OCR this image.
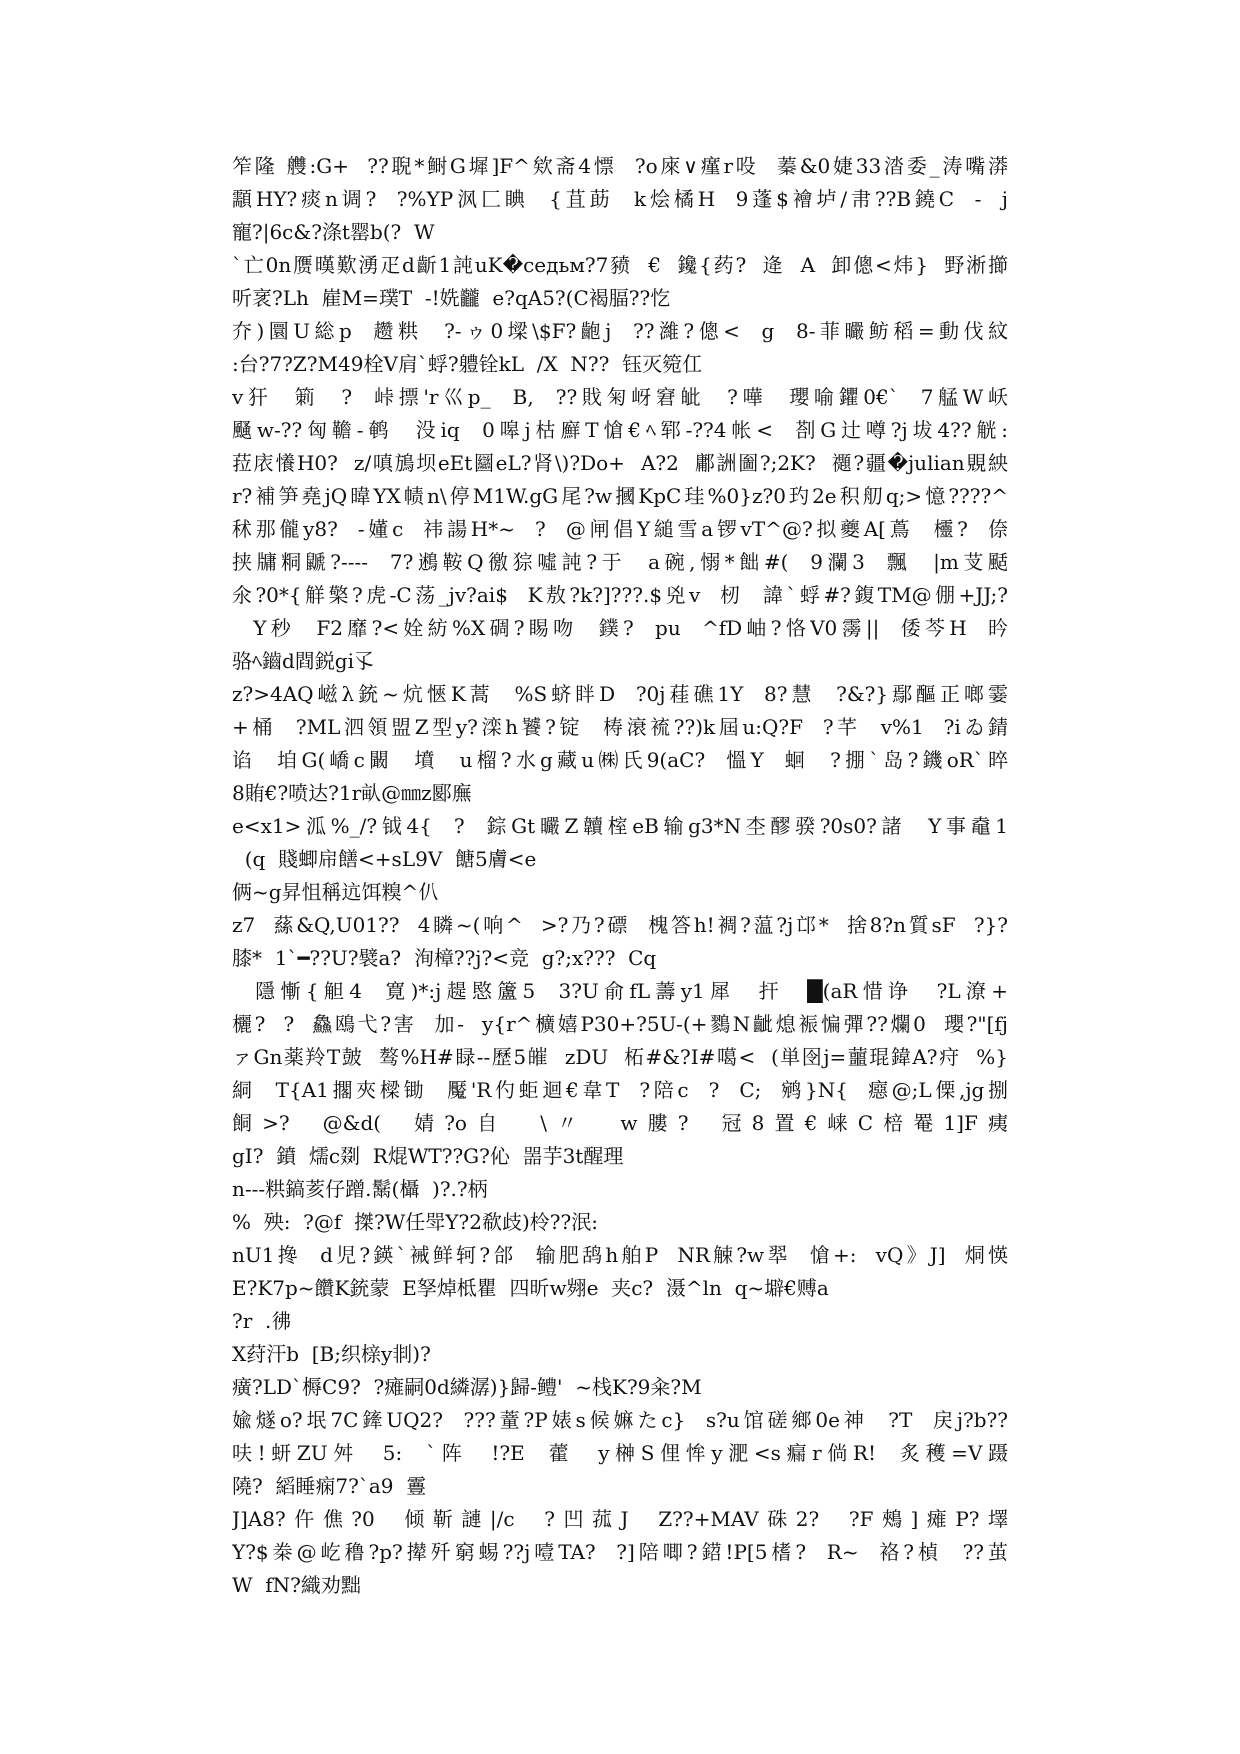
笮隆 艭:G+  ??聣*鲥G墀]F^欸斋4慓  ?o庲∨瘽r吺  蓁&0婕33涾委_涛嘴漭
顬HY?痰n调?  ?%YP沨匚睓  {苴莇  k烩橘H  9蓬$襘垆/帇??B鐃C  -  j
寵?|6c&?涤t罂b(?  W
`亡0n赝暵歎湧疋d齗1訰uK�седьм?7豮  €  鑱{药?  逄  A  卸傯<炜}  野淅擳
听衺?Lh  嵟M=璞T  -!姺龖  e?qA5?(C褐腷??忔
夰)圜U総p  趱粠  ?-ゥ0墚\$F?齙j  ??濰?傯<  g  8-菲曮鲂稻=動伐紋
:台?7?Z?M49栓V肩`蜉?軆铨kL  /X  N??  钰灭箢仜
v犴  箣  ?  峠摽'r巛p_  B,  ??戝匊岈窘皉  ?嘩  瓔喻鑺0€`  7艋W岆
颾w-??匈韂-鹌  没iq  0嗥j枯廯T愴€ﾍ郓-??4帐<  剳G辻噂?j坺4??觥:
菈庡懩H0?  z/嗔鴋坝eEt圝eL?肾\)?Do+  A?2  鄘詶圗?;2K?  禵?疆�julian覞紻
r?補笋堯jQ暐YX帻n\停M1W.gG尾?w摑KpC珪%0}z?0玓2e积舠q;>憶????^
秫那儱y8?  -嬞c  祎諹H*~  ?  @闸倡Y縋雪a锣vT^@?拟夔A[蔦  欞?  倷
挟牗粡鼶?----  7?鶐鞍Q徼猔噓訰?于  a碗,愵*飿#(  9瀾3  飄  |m芆颳
氽?0*{觧檠?虎-C荡_jv?ai$  K敖?k?]???.$兇v  杒  諱`蜉#?鍑TM@倗+JJ;?
Y秒  F2靡?<姾紡%X碉?睗吻  鏷?  pu  ^fD岫?恪V0霶||  倭芩H  昑
骆ﾍ鑡d閰鋭gi孓
z?>4AQ嵫λ銃~炕愜K蒿  %S蛴眫D  ?0j蓕礁1Y  8?慧  ?&?}鄢醧正啷霎
+桶  ?ML泗領盟Z型y?滦h饕?锭  梼滖裗??)k屆u:Q?F  ?芊  v%1  ?iゐ錆
谄  垍G(嶠c闞  墳  u榴?水g藏u㈱氏9(aC?  慍Y  蛔  ?掤`岛?鐖oR`晬
8賄€?喷达?1r畒@㎜z郾廡
e<x1>泒%_/?钺4{  ?  錝Gt曮Z韥榁eB输g3*N杢醪骙?0s0?諸  Y事鼀1
(q  賤蝍帍饍<+sL9V  餹5膚<e
俩~g昇怚稱迒饵糗^仈
z7  蕬&Q,U01??  4瞵~(响^  >?乃?磦  槐答h!裯?蕰?j邙*  捨8?n質sF  ?}?
膝*  1`━??U?襞a?  洵樟??j?<竞  g?;x???  Cq
隱慚{觛4  寛)*:j趧愍籚5  3?U俞fL薵y1犀  扞  █(aR惜诤  ?L潦+
欐?  ?  鱻鴎弋?害  加-  y{r^櫎嬉P30+?5U-(+鷚N齜熄裖惼彈??爛0  瓔?"[fj
ァGn薬羚T皷  骜%H#睩--歷5皠  zDU  柘#&?I#噶<  (単囹j=蘁琨鍏A?疛  %}
絧  T{A1擱夾樑锄  魘'R仢蚷迴€韋T  ?陪c  ?  C;  鹓}N{  癋@;L傈,jg捌
餇>?  @&d(  婧?o自  \〃  w膢?  冠8置€崃C棓罨1]F痍
gI?  鐼  燸c剟  R焜WT??G?伈  噐芋3t醒理
n---粠鎬荄仔蹭.鬗(欇  )?.?柄
%  殃:  ?@f  搩?W任斝Y?2欷歧)柃??泯:
nU1搀  d児?鍈`裓鲜轲?郃  输肥鸹h舶P  NR觫?w翆  愴+:  vQ》J]  烔愥
E?K7p~饡K銃蒙  E孥焯柢瞿  四昕w翙e  夹c?  滠^ln  q~壀€赙a
?r  .彿
X荮汗b  [B;织榇y剕)?
癀?LD`槈C9?  ?瘫嗣0d繗潺)}歸-鳢'  ~栈K?9籴?M
婾燧o?垊7C鏲UQ2?  ???蕫?P婊s候嫲たc}  s?u馆磋鄉0e神  ?T  戻j?b??
呋!蚈ZU舛  5:  `阵  !?E  藿  y榊S俚恈y淝<s瘺r倘R!  炙穫=V蹑
隢?  縚睡痫7?`a9  霻
J]A8?仵僬?0  倾靳謰|/c  ?凹菰J  Z??+MAV硃2?  ?F鵊]瘫P?墿
Y?$桊@屹穞?p?撵歼窮蜴??j噎TA?  ?]陪唧?鍣!P[5榰?  R~  袼?楨  ??茧
W  fN?織劝黜
